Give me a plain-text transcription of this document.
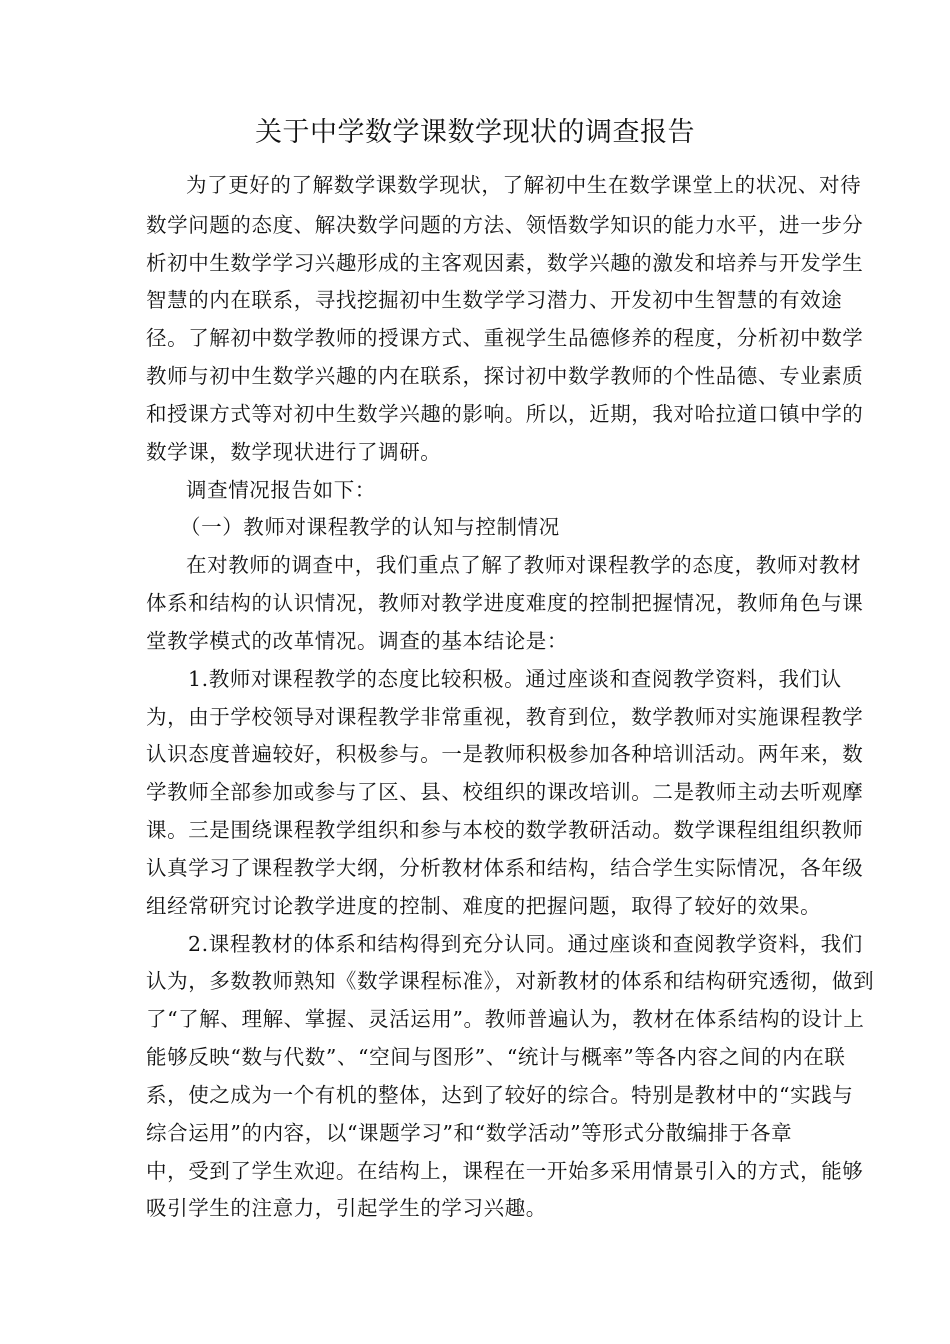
关于中学数学课数学现状的调查报告
为了更好的了解数学课数学现状，了解初中生在数学课堂上的状况、对待
数学问题的态度、解决数学问题的方法、领悟数学知识的能力水平，进一步分
析初中生数学学习兴趣形成的主客观因素，数学兴趣的激发和培养与开发学生
智慧的内在联系，寻找挖掘初中生数学学习潜力、开发初中生智慧的有效途
径。了解初中数学教师的授课方式、重视学生品德修养的程度，分析初中数学
教师与初中生数学兴趣的内在联系，探讨初中数学教师的个性品德、专业素质
和授课方式等对初中生数学兴趣的影响。所以，近期，我对哈拉道口镇中学的
数学课，数学现状进行了调研。
调查情况报告如下：
（一）教师对课程教学的认知与控制情况
在对教师的调查中，我们重点了解了教师对课程教学的态度，教师对教材
体系和结构的认识情况，教师对教学进度难度的控制把握情况，教师角色与课
堂教学模式的改革情况。调查的基本结论是：
1.教师对课程教学的态度比较积极。通过座谈和查阅教学资料，我们认
为，由于学校领导对课程教学非常重视，教育到位，数学教师对实施课程教学
认识态度普遍较好，积极参与。一是教师积极参加各种培训活动。两年来，数
学教师全部参加或参与了区、县、校组织的课改培训。二是教师主动去听观摩
课。三是围绕课程教学组织和参与本校的数学教研活动。数学课程组组织教师
认真学习了课程教学大纲，分析教材体系和结构，结合学生实际情况，各年级
组经常研究讨论教学进度的控制、难度的把握问题，取得了较好的效果。
2.课程教材的体系和结构得到充分认同。通过座谈和查阅教学资料，我们
认为，多数教师熟知《数学课程标准》，对新教材的体系和结构研究透彻，做到
了“了解、理解、掌握、灵活运用”。教师普遍认为，教材在体系结构的设计上
能够反映“数与代数”、“空间与图形”、“统计与概率”等各内容之间的内在联
系，使之成为一个有机的整体，达到了较好的综合。特别是教材中的“实践与
综合运用”的内容，以“课题学习”和“数学活动”等形式分散编排于各章
中，受到了学生欢迎。在结构上，课程在一开始多采用情景引入的方式，能够
吸引学生的注意力，引起学生的学习兴趣。
